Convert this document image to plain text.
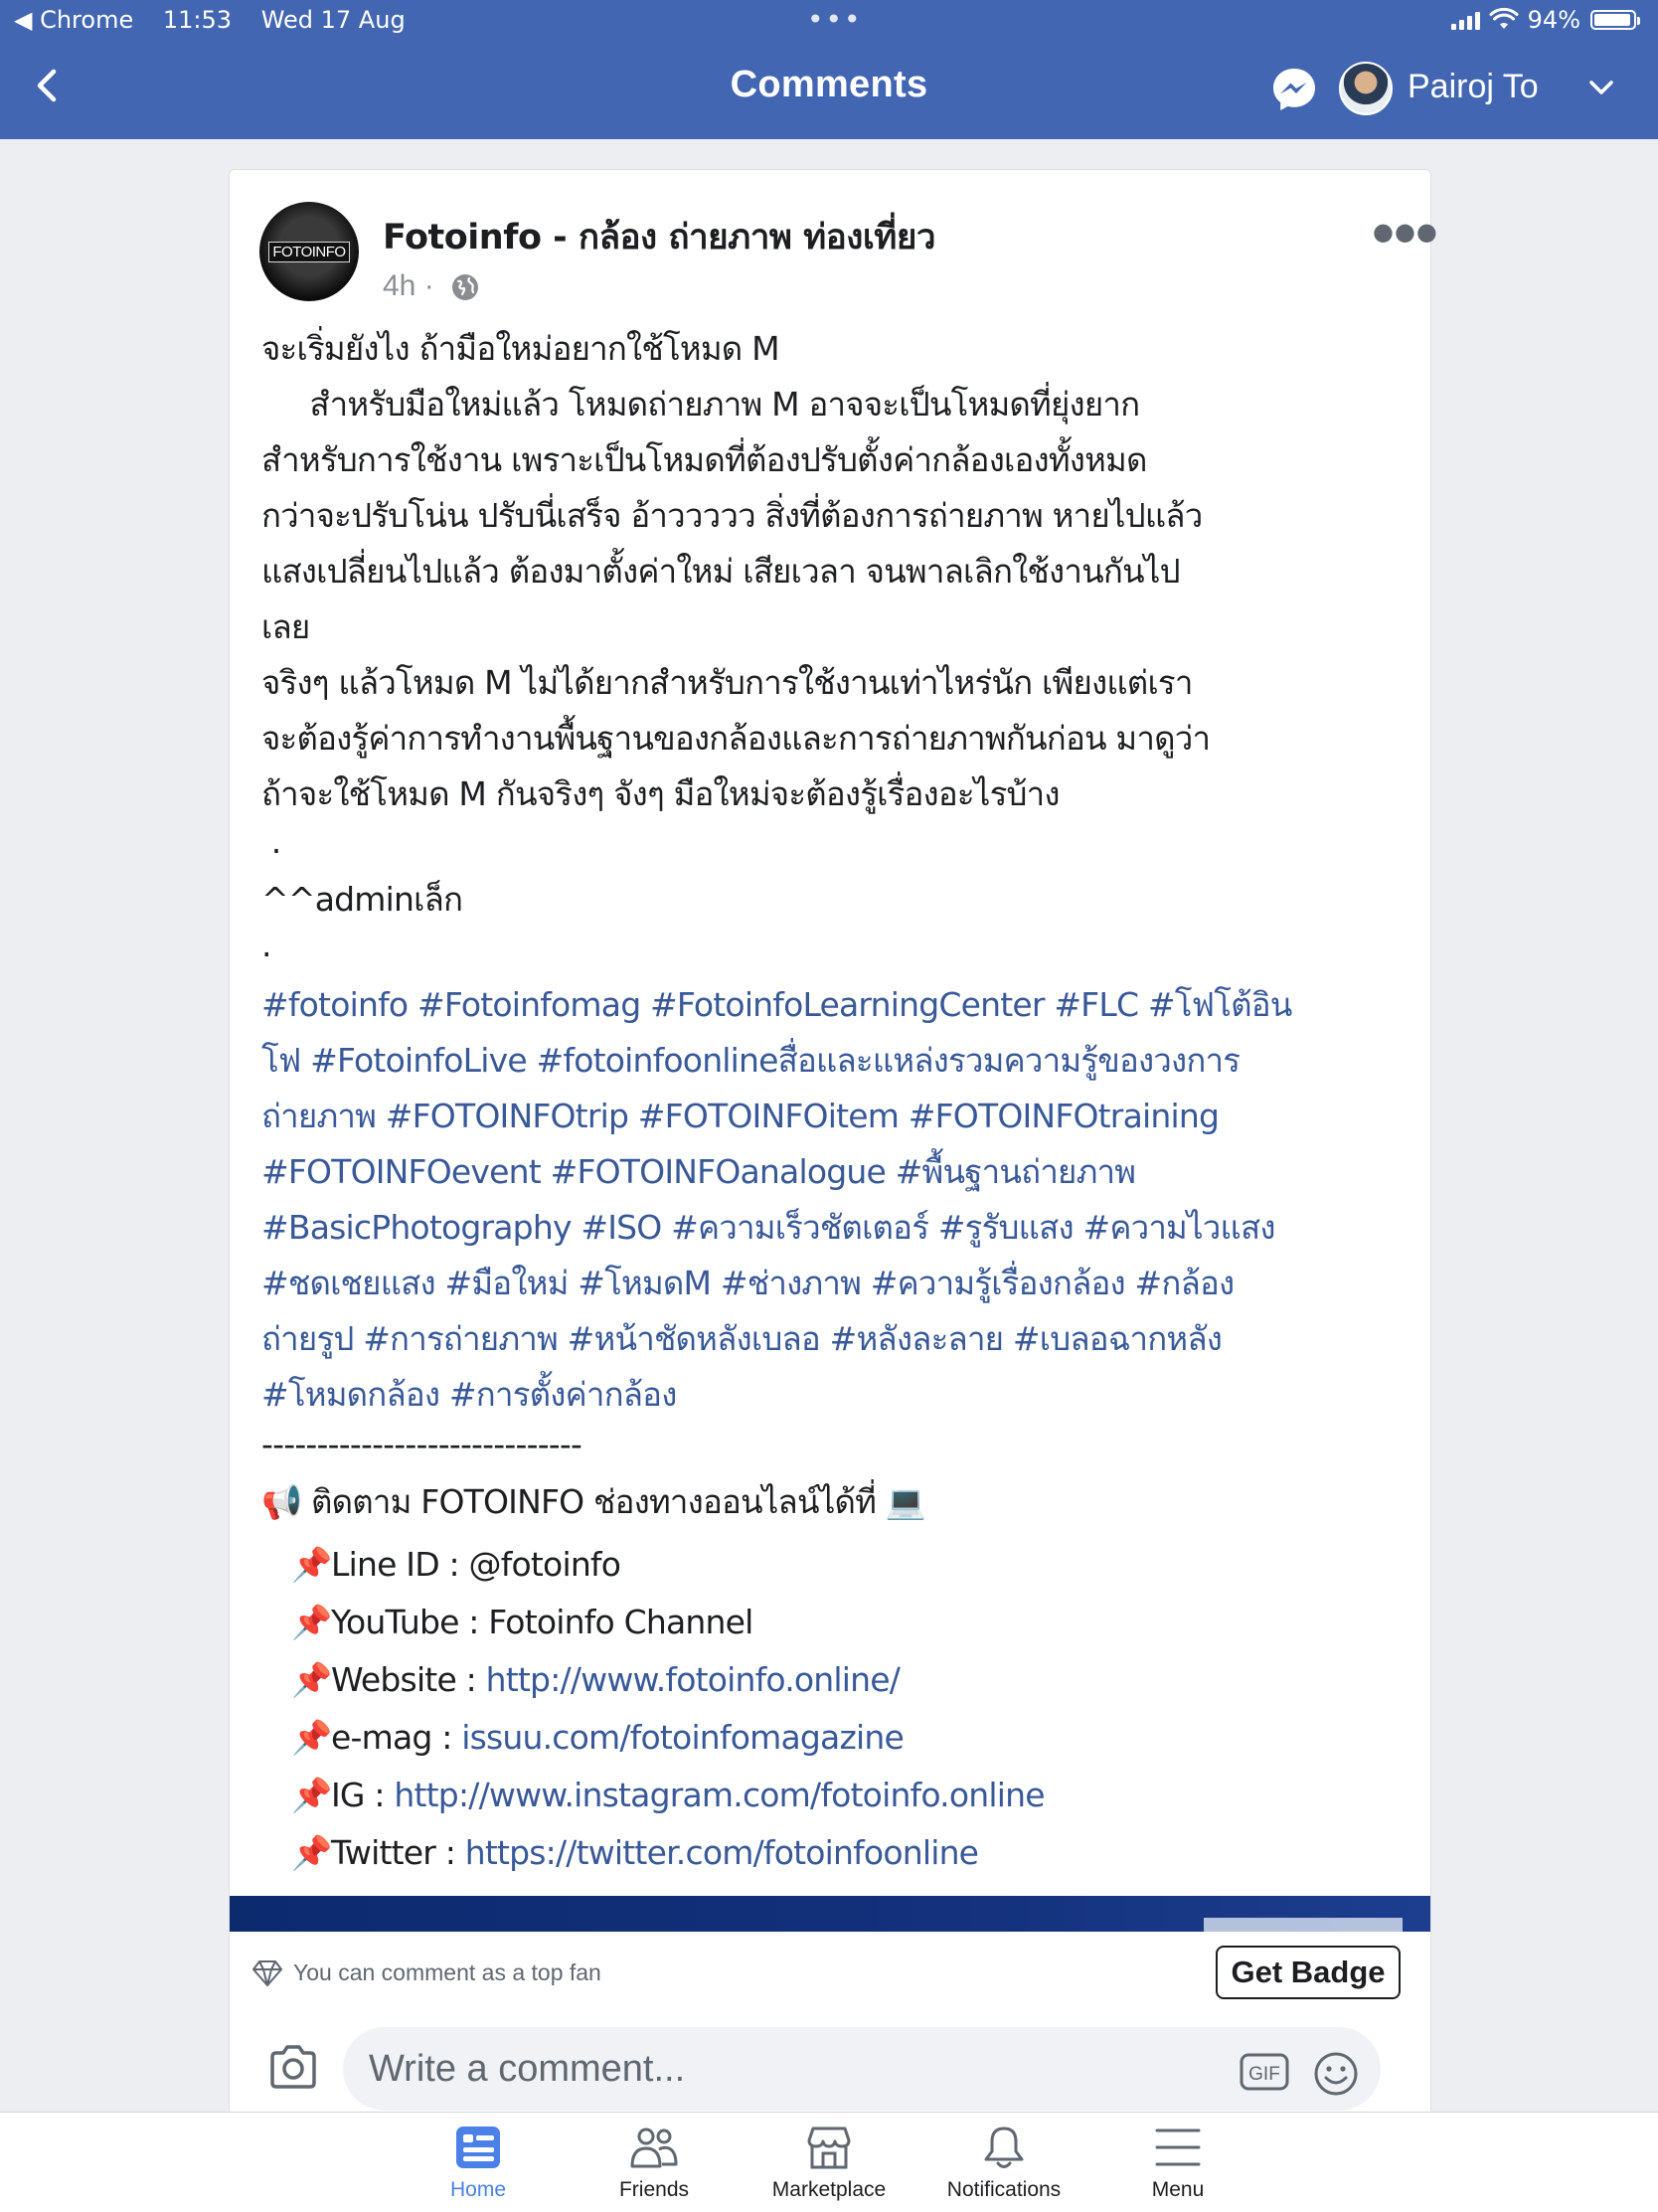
◀ Chrome 11:53 Wed 17 Aug	•••	94%
Comments	Pairoj To
FOTOINFO Fotoinfo - กล้อง ถ่ายภาพ ท่องเที่ยว
4h ·
●●●
จะเริ่มยังไง ถ้ามือใหม่อยากใช้โหมด M
สำหรับมือใหม่แล้ว โหมดถ่ายภาพ M อาจจะเป็นโหมดที่ยุ่งยาก
สำหรับการใช้งาน เพราะเป็นโหมดที่ต้องปรับตั้งค่ากล้องเองทั้งหมด
กว่าจะปรับโน่น ปรับนี่เสร็จ อ้าววววว สิ่งที่ต้องการถ่ายภาพ หายไปแล้ว
แสงเปลี่ยนไปแล้ว ต้องมาตั้งค่าใหม่ เสียเวลา จนพาลเลิกใช้งานกันไป
เลย
จริงๆ แล้วโหมด M ไม่ได้ยากสำหรับการใช้งานเท่าไหร่นัก เพียงแต่เรา
จะต้องรู้ค่าการทำงานพื้นฐานของกล้องและการถ่ายภาพกันก่อน มาดูว่า
ถ้าจะใช้โหมด M กันจริงๆ จังๆ มือใหม่จะต้องรู้เรื่องอะไรบ้าง
.
^^adminเล็ก
.
#fotoinfo #Fotoinfomag #FotoinfoLearningCenter #FLC #โฟโต้อิน
โฟ #FotoinfoLive #fotoinfoonlineสื่อและแหล่งรวมความรู้ของวงการ
ถ่ายภาพ #FOTOINFOtrip #FOTOINFOitem #FOTOINFOtraining
#FOTOINFOevent #FOTOINFOanalogue #พื้นฐานถ่ายภาพ
#BasicPhotography #ISO #ความเร็วชัตเตอร์ #รูรับแสง #ความไวแสง
#ชดเชยแสง #มือใหม่ #โหมดM #ช่างภาพ #ความรู้เรื่องกล้อง #กล้อง
ถ่ายรูป #การถ่ายภาพ #หน้าชัดหลังเบลอ #หลังละลาย #เบลอฉากหลัง
#โหมดกล้อง #การตั้งค่ากล้อง
-----------------------------
📢 ติดตาม FOTOINFO ช่องทางออนไลน์ได้ที่ 💻
📌Line ID : @fotoinfo
📌YouTube : Fotoinfo Channel
📌Website : http://www.fotoinfo.online/
📌e-mag : issuu.com/fotoinfomagazine
📌IG : http://www.instagram.com/fotoinfo.online
📌Twitter : https://twitter.com/fotoinfoonline
You can comment as a top fan	Get Badge
Write a comment...	GIF
Home	Friends	Marketplace	Notifications	Menu
